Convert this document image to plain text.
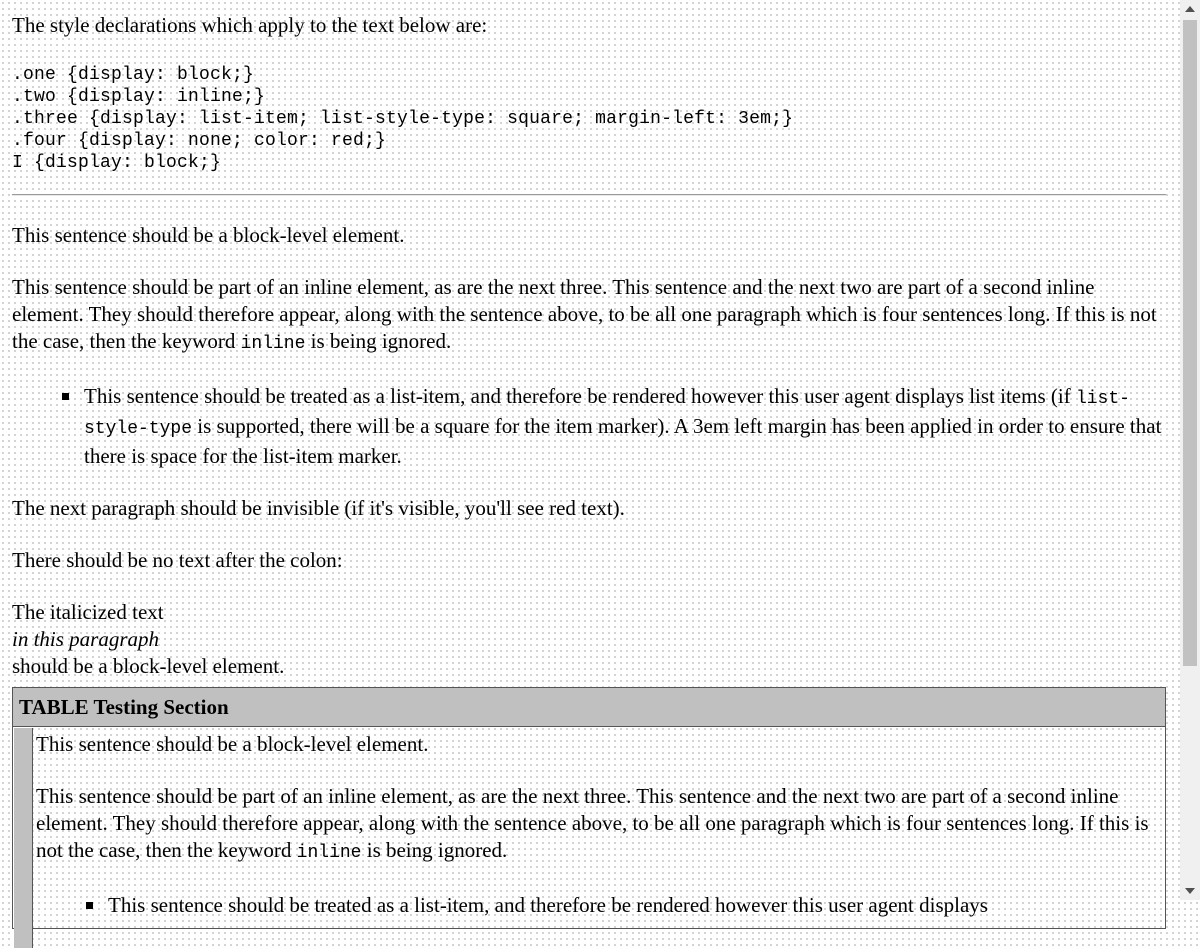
The style declarations which apply to the text below are:

.one {display: block;}
.two {display: inline;}
.three {display: list-item; list-style-type: square; margin-left: 3em;}
.four {display: none; color: red;}
I {display: block;}

This sentence should be a block-level element.

This sentence should be part of an inline element, as are the next three. This sentence and the next two are part of a second inline element. They should therefore appear, along with the sentence above, to be all one paragraph which is four sentences long. If this is not the case, then the keyword inline is being ignored.

This sentence should be treated as a list-item, and therefore be rendered however this user agent displays list items (if list-style-type is supported, there will be a square for the item marker). A 3em left margin has been applied in order to ensure that there is space for the list-item marker.

The next paragraph should be invisible (if it's visible, you'll see red text).

There should be no text after the colon:

The italicized text
in this paragraph
should be a block-level element.
TABLE Testing Section

This sentence should be a block-level element.

This sentence should be part of an inline element, as are the next three. This sentence and the next two are part of a second inline element. They should therefore appear, along with the sentence above, to be all one paragraph which is four sentences long. If this is not the case, then the keyword inline is being ignored.

This sentence should be treated as a list-item, and therefore be rendered however this user agent displays
